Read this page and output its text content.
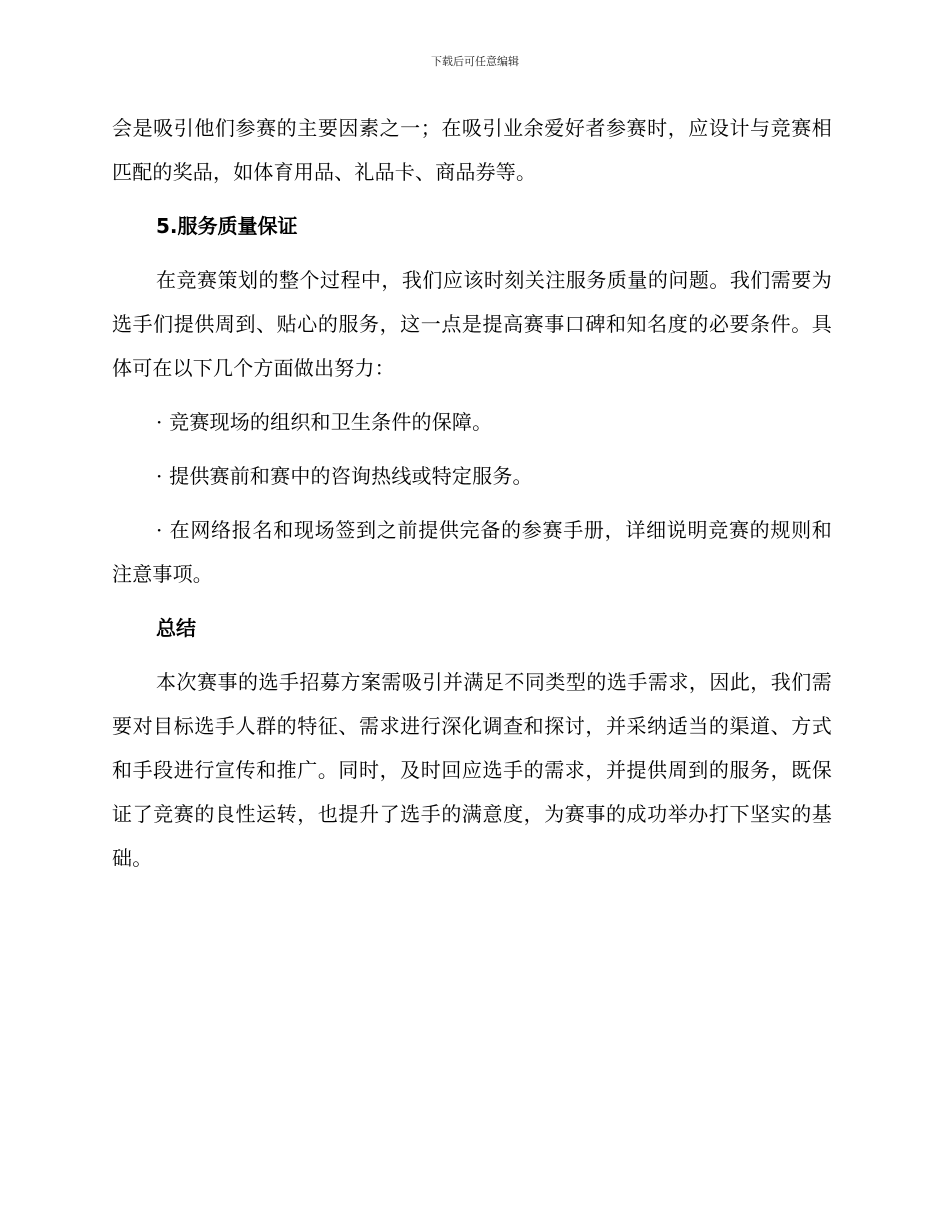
下载后可任意编辑

会是吸引他们参赛的主要因素之一；在吸引业余爱好者参赛时，应设计与竞赛相匹配的奖品，如体育用品、礼品卡、商品券等。

5.服务质量保证

在竞赛策划的整个过程中，我们应该时刻关注服务质量的问题。我们需要为选手们提供周到、贴心的服务，这一点是提高赛事口碑和知名度的必要条件。具体可在以下几个方面做出努力：

· 竞赛现场的组织和卫生条件的保障。

· 提供赛前和赛中的咨询热线或特定服务。

· 在网络报名和现场签到之前提供完备的参赛手册，详细说明竞赛的规则和注意事项。

总结

本次赛事的选手招募方案需吸引并满足不同类型的选手需求，因此，我们需要对目标选手人群的特征、需求进行深化调查和探讨，并采纳适当的渠道、方式和手段进行宣传和推广。同时，及时回应选手的需求，并提供周到的服务，既保证了竞赛的良性运转，也提升了选手的满意度，为赛事的成功举办打下坚实的基础。
